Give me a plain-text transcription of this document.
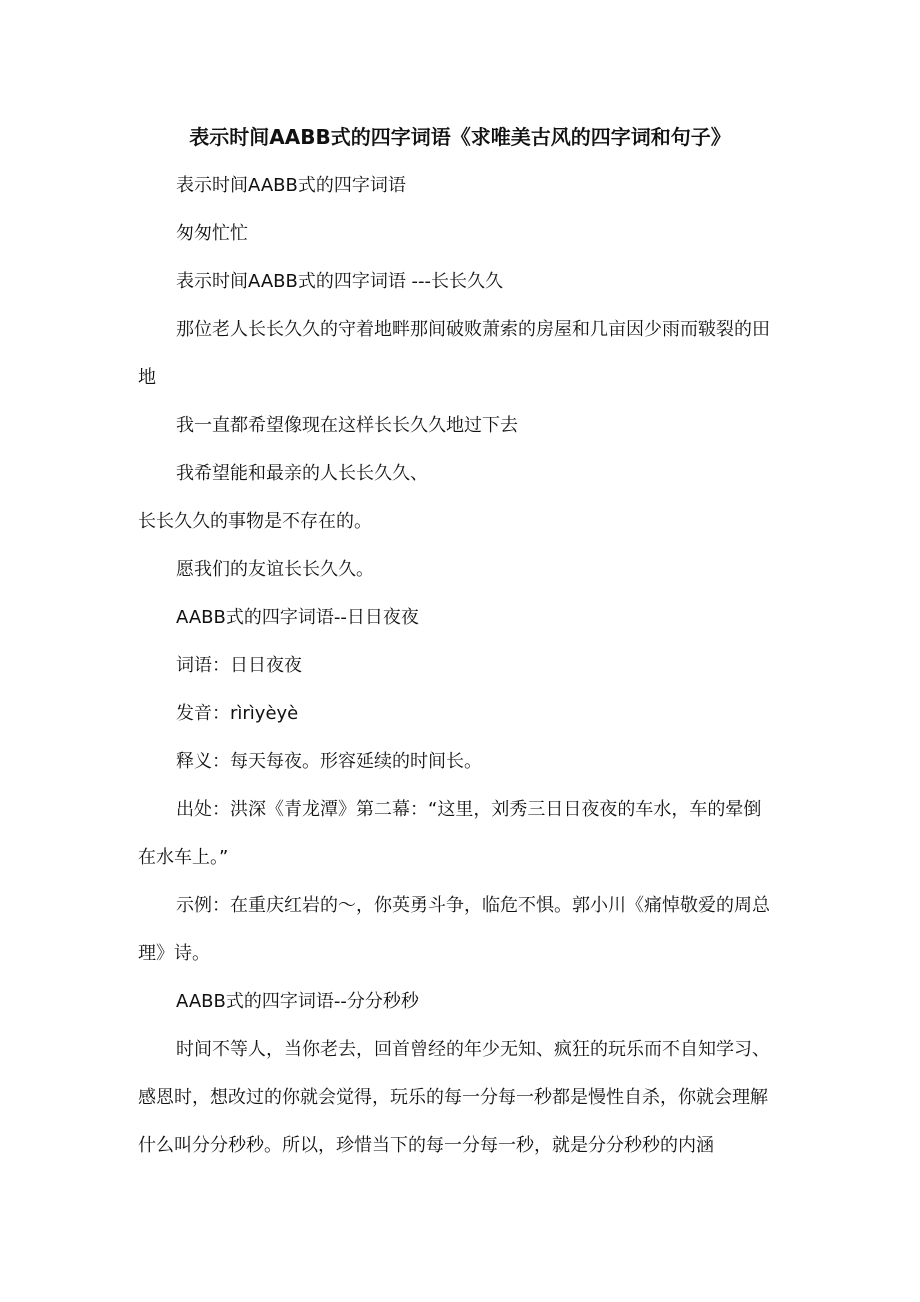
表示时间AABB式的四字词语《求唯美古风的四字词和句子》
表示时间AABB式的四字词语
匆匆忙忙
表示时间AABB式的四字词语 ---长长久久
那位老人长长久久的守着地畔那间破败萧索的房屋和几亩因少雨而皲裂的田
地
我一直都希望像现在这样长长久久地过下去
我希望能和最亲的人长长久久、
长长久久的事物是不存在的。
愿我们的友谊长长久久。
AABB式的四字词语--日日夜夜
词语：日日夜夜
发音：rìrìyèyè
释义：每天每夜。形容延续的时间长。
出处：洪深《青龙潭》第二幕：“这里，刘秀三日日夜夜的车水，车的晕倒
在水车上。”
示例：在重庆红岩的～，你英勇斗争，临危不惧。郭小川《痛悼敬爱的周总
理》诗。
AABB式的四字词语--分分秒秒
时间不等人，当你老去，回首曾经的年少无知、疯狂的玩乐而不自知学习、
感恩时，想改过的你就会觉得，玩乐的每一分每一秒都是慢性自杀，你就会理解
什么叫分分秒秒。所以，珍惜当下的每一分每一秒，就是分分秒秒的内涵
